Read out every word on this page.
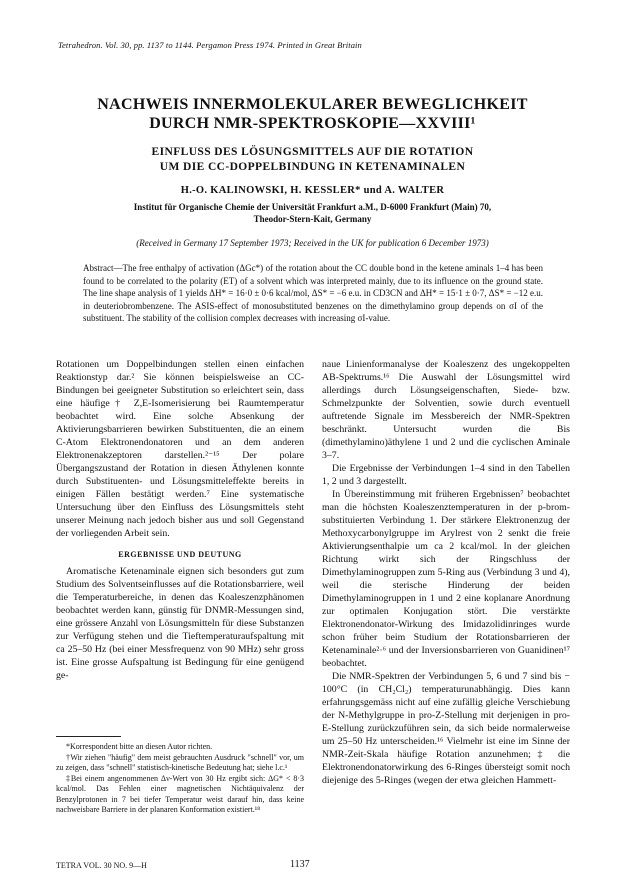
Tetrahedron. Vol. 30, pp. 1137 to 1144. Pergamon Press 1974. Printed in Great Britain
NACHWEIS INNERMOLEKULARER BEWEGLICHKEIT
DURCH NMR-SPEKTROSKOPIE—XXVIII¹
EINFLUSS DES LÖSUNGSMITTELS AUF DIE ROTATION
UM DIE CC-DOPPELBINDUNG IN KETENAMINALEN
H.-O. KALINOWSKI, H. KESSLER* und A. WALTER
Institut für Organische Chemie der Universität Frankfurt a.M., D-6000 Frankfurt (Main) 70,
Theodor-Stern-Kait, Germany
(Received in Germany 17 September 1973; Received in the UK for publication 6 December 1973)
Abstract—The free enthalpy of activation (ΔGc*) of the rotation about the CC double bond in the ketene aminals 1–4 has been found to be correlated to the polarity (ET) of a solvent which was interpreted mainly, due to its influence on the ground state. The line shape analysis of 1 yields ΔH* = 16·0 ± 0·6 kcal/mol, ΔS* = −6 e.u. in CD3CN and ΔH* = 15·1 ± 0·7, ΔS* = −12 e.u. in deuteriobrombenzene. The ASIS-effect of monosubstituted benzenes on the dimethylamino group depends on σI of the substituent. The stability of the collision complex decreases with increasing σI-value.

Rotationen um Doppelbindungen stellen einen einfachen Reaktionstyp dar.² Sie können beispielsweise an CC-Bindungen bei geeigneter Substitution so erleichtert sein, dass eine häufige† Z,E-Isomerisierung bei Raumtemperatur beobachtet wird. Eine solche Absenkung der Aktivierungsbarrieren bewirken Substituenten, die an einem C-Atom Elektronendonatoren und an dem anderen Elektronenakzeptoren darstellen.²⁻¹⁵ Der polare Übergangszustand der Rotation in diesen Äthylenen konnte durch Substituenten- und Lösungsmitteleffekte bereits in einigen Fällen bestätigt werden.⁷ Eine systematische Untersuchung über den Einfluss des Lösungsmittels steht unserer Meinung nach jedoch bisher aus und soll Gegenstand der vorliegenden Arbeit sein.

ERGEBNISSE UND DEUTUNG

Aromatische Ketenaminale eignen sich besonders gut zum Studium des Solventseinflusses auf die Rotationsbarriere, weil die Temperaturbereiche, in denen das Koaleszenzphänomen beobachtet werden kann, günstig für DNMR-Messungen sind, eine grössere Anzahl von Lösungsmitteln für diese Substanzen zur Verfügung stehen und die Tieftemperaturaufspaltung mit ca 25–50 Hz (bei einer Messfrequenz von 90 MHz) sehr gross ist. Eine grosse Aufspaltung ist Bedingung für eine genügend ge-

*Korrespondent bitte an diesen Autor richten.

†Wir ziehen "häufig" dem meist gebrauchten Ausdruck "schnell" vor, um zu zeigen, dass "schnell" statistisch-kinetische Bedeutung hat; siehe l.c.¹

‡Bei einem angenommenen Δν-Wert von 30 Hz ergibt sich: ΔG* < 8·3 kcal/mol. Das Fehlen einer magnetischen Nichtäquivalenz der Benzylprotonen in 7 bei tiefer Temperatur weist darauf hin, dass keine nachweisbare Barriere in der planaren Konformation existiert.¹⁸

naue Linienformanalyse der Koaleszenz des ungekoppelten AB-Spektrums.¹⁶ Die Auswahl der Lösungsmittel wird allerdings durch Lösungseigenschaften, Siede- bzw. Schmelzpunkte der Solventien, sowie durch eventuell auftretende Signale im Messbereich der NMR-Spektren beschränkt. Untersucht wurden die Bis (dimethylamino)äthylene 1 und 2 und die cyclischen Aminale 3–7.

Die Ergebnisse der Verbindungen 1–4 sind in den Tabellen 1, 2 und 3 dargestellt.

In Übereinstimmung mit früheren Ergebnissen⁷ beobachtet man die höchsten Koaleszenztemperaturen in der p-brom-substituierten Verbindung 1. Der stärkere Elektronenzug der Methoxycarbonylgruppe im Arylrest von 2 senkt die freie Aktivierungsenthalpie um ca 2 kcal/mol. In der gleichen Richtung wirkt sich der Ringschluss der Dimethylaminogruppen zum 5-Ring aus (Verbindung 3 und 4), weil die sterische Hinderung der beiden Dimethylaminogruppen in 1 und 2 eine koplanare Anordnung zur optimalen Konjugation stört. Die verstärkte Elektronendonator-Wirkung des Imidazolidinringes wurde schon früher beim Studium der Rotationsbarrieren der Ketenaminale²·⁶ und der Inversionsbarrieren von Guanidinen¹⁷ beobachtet.

Die NMR-Spektren der Verbindungen 5, 6 und 7 sind bis − 100°C (in CH₂Cl₂) temperaturunabhängig. Dies kann erfahrungsgemäss nicht auf eine zufällig gleiche Verschiebung der N-Methylgruppe in pro-Z-Stellung mit derjenigen in pro-E-Stellung zurückzuführen sein, da sich beide normalerweise um 25–50 Hz unterscheiden.¹⁶ Vielmehr ist eine im Sinne der NMR-Zeit-Skala häufige Rotation anzunehmen;‡ die Elektronendonatorwirkung des 6-Ringes übersteigt somit noch diejenige des 5-Ringes (wegen der etwa gleichen Hammett-

TETRA VOL. 30 NO. 9—H	1137
